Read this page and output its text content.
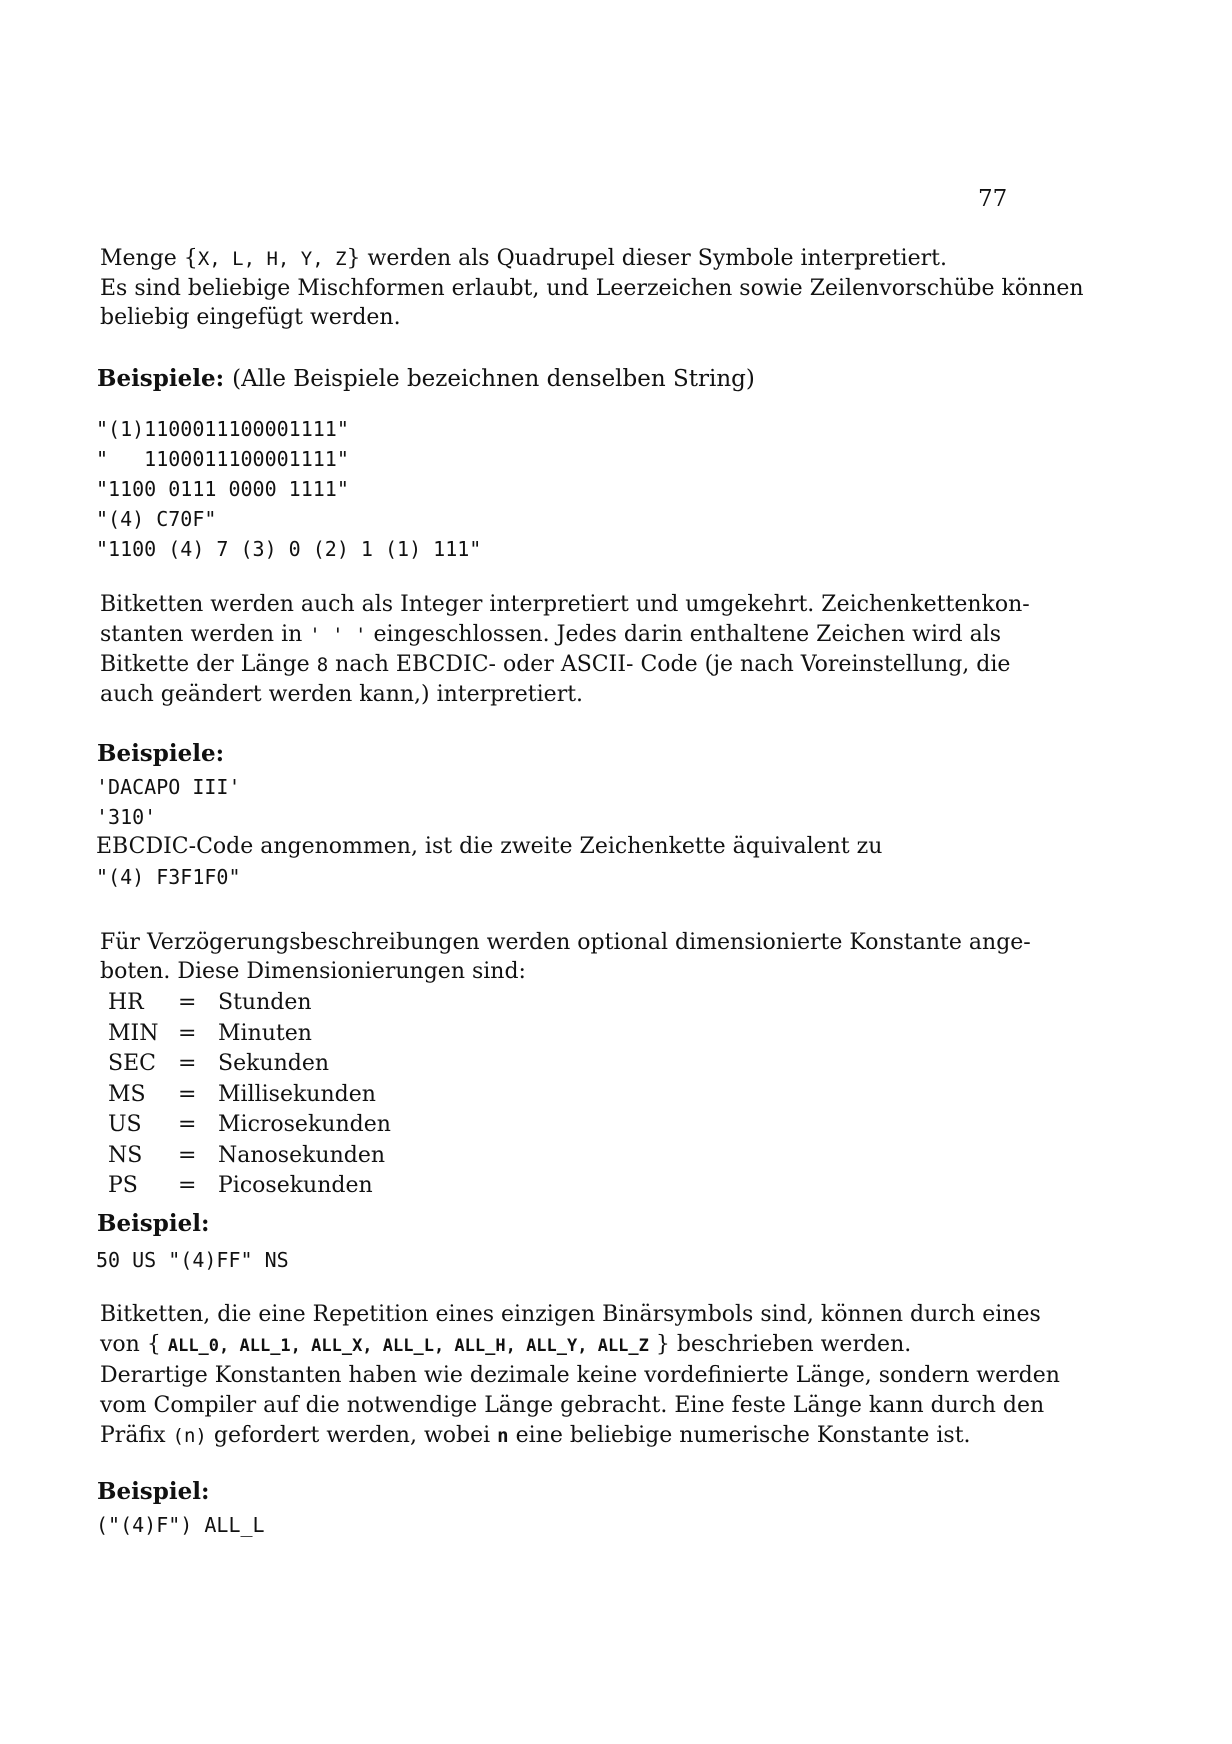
77
Menge {X, L, H, Y, Z} werden als Quadrupel dieser Symbole interpretiert.
Es sind beliebige Mischformen erlaubt, und Leerzeichen sowie Zeilenvorschübe können
beliebig eingefügt werden.
Beispiele: (Alle Beispiele bezeichnen denselben String)
"(1)1100011100001111"
"   1100011100001111"
"1100 0111 0000 1111"
"(4) C70F"
"1100 (4) 7 (3) 0 (2) 1 (1) 111"
Bitketten werden auch als Integer interpretiert und umgekehrt. Zeichenkettenkon-
stanten werden in ' ' ' eingeschlossen. Jedes darin enthaltene Zeichen wird als
Bitkette der Länge 8 nach EBCDIC- oder ASCII- Code (je nach Voreinstellung, die
auch geändert werden kann,) interpretiert.
Beispiele:
'DACAPO III'
'310'
EBCDIC-Code angenommen, ist die zweite Zeichenkette äquivalent zu
"(4) F3F1F0"
Für Verzögerungsbeschreibungen werden optional dimensionierte Konstante ange-
boten. Diese Dimensionierungen sind:
HR	= Stunden
MIN = Minuten
SEC	= Sekunden
MS	= Millisekunden
US	= Microsekunden
NS	= Nanosekunden
PS	= Picosekunden
Beispiel:
50 US "(4)FF" NS
Bitketten, die eine Repetition eines einzigen Binärsymbols sind, können durch eines
von { ALL_0, ALL_1, ALL_X, ALL_L, ALL_H, ALL_Y, ALL_Z } beschrieben werden.
Derartige Konstanten haben wie dezimale keine vordefinierte Länge, sondern werden
vom Compiler auf die notwendige Länge gebracht. Eine feste Länge kann durch den
Präfix (n) gefordert werden, wobei n eine beliebige numerische Konstante ist.
Beispiel:
("(4)F") ALL_L
